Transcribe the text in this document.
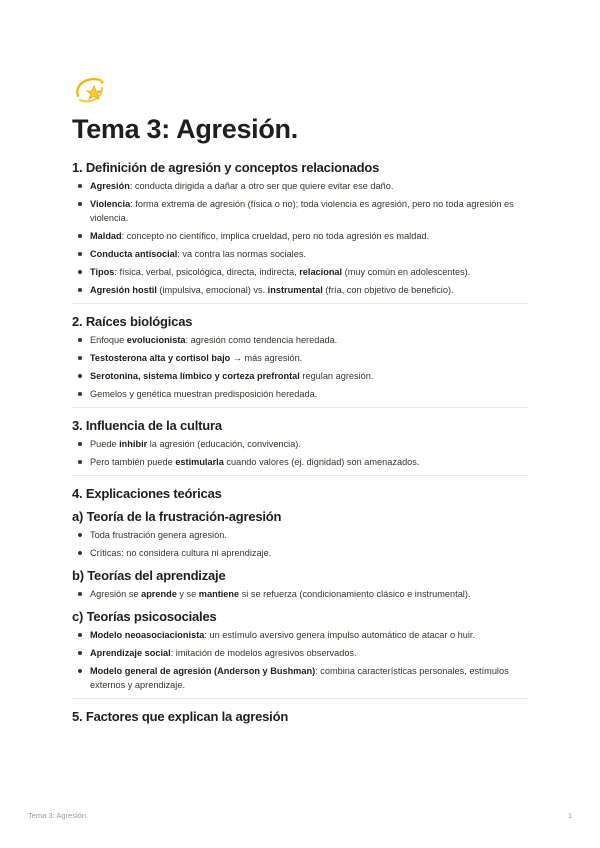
Tema 3: Agresión.
1. Definición de agresión y conceptos relacionados
Agresión: conducta dirigida a dañar a otro ser que quiere evitar ese daño.
Violencia: forma extrema de agresión (física o no); toda violencia es agresión, pero no toda agresión es violencia.
Maldad: concepto no científico, implica crueldad, pero no toda agresión es maldad.
Conducta antisocial: va contra las normas sociales.
Tipos: física, verbal, psicológica, directa, indirecta, relacional (muy común en adolescentes).
Agresión hostil (impulsiva, emocional) vs. instrumental (fría, con objetivo de beneficio).
2. Raíces biológicas
Enfoque evolucionista: agresión como tendencia heredada.
Testosterona alta y cortisol bajo → más agresión.
Serotonina, sistema límbico y corteza prefrontal regulan agresión.
Gemelos y genética muestran predisposición heredada.
3. Influencia de la cultura
Puede inhibir la agresión (educación, convivencia).
Pero también puede estimularla cuando valores (ej. dignidad) son amenazados.
4. Explicaciones teóricas
a) Teoría de la frustración-agresión
Toda frustración genera agresión.
Críticas: no considera cultura ni aprendizaje.
b) Teorías del aprendizaje
Agresión se aprende y se mantiene si se refuerza (condicionamiento clásico e instrumental).
c) Teorías psicosociales
Modelo neoasociacionista: un estímulo aversivo genera impulso automático de atacar o huir.
Aprendizaje social: imitación de modelos agresivos observados.
Modelo general de agresión (Anderson y Bushman): combina características personales, estímulos externos y aprendizaje.
5. Factores que explican la agresión
Tema 3: Agresión.	1
